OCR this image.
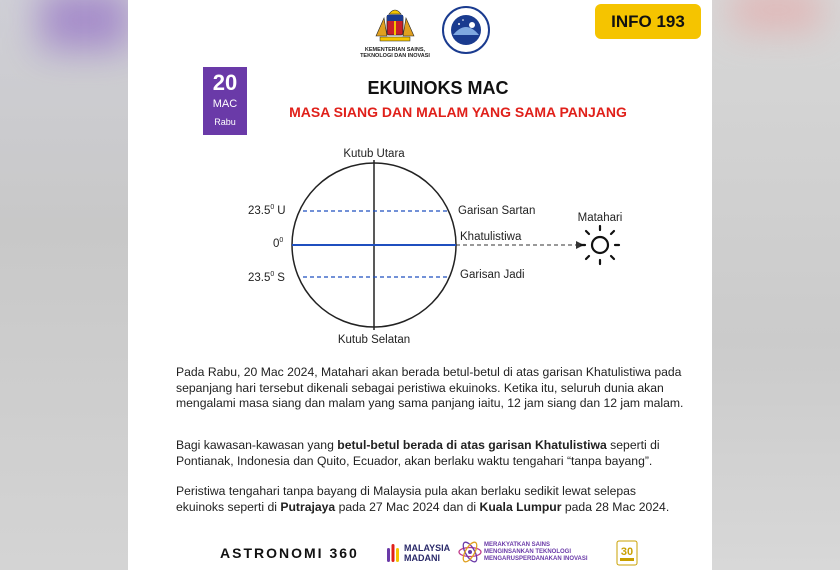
KEMENTERIAN SAINS,
TEKNOLOGI DAN INOVASI
INFO 193
20
MAC
Rabu
EKUINOKS MAC
MASA SIANG DAN MALAM YANG SAMA PANJANG
Kutub Utara
Kutub Selatan
23.5$^0$ U
$0^0$
23.5$^0$ S
Garisan Sartan
Khatulistiwa
Garisan Jadi
Matahari
Pada Rabu, 20 Mac 2024, Matahari akan berada betul-betul di atas garisan Khatulistiwa pada sepanjang hari tersebut dikenali sebagai peristiwa ekuinoks. Ketika itu, seluruh dunia akan mengalami masa siang dan malam yang sama panjang iaitu, 12 jam siang dan 12 jam malam.
Bagi kawasan-kawasan yang betul-betul berada di atas garisan Khatulistiwa seperti di Pontianak, Indonesia dan Quito, Ecuador, akan berlaku waktu tengahari “tanpa bayang”.
Peristiwa tengahari tanpa bayang di Malaysia pula akan berlaku sedikit lewat selepas ekuinoks seperti di Putrajaya pada 27 Mac 2024 dan di Kuala Lumpur pada 28 Mac 2024.
ASTRONOMI 360	MALAYSIA
MADANI
MERAKYATKAN SAINS
MENGINSANKAN TEKNOLOGI
MENGARUSPERDANAKAN INOVASI
30
